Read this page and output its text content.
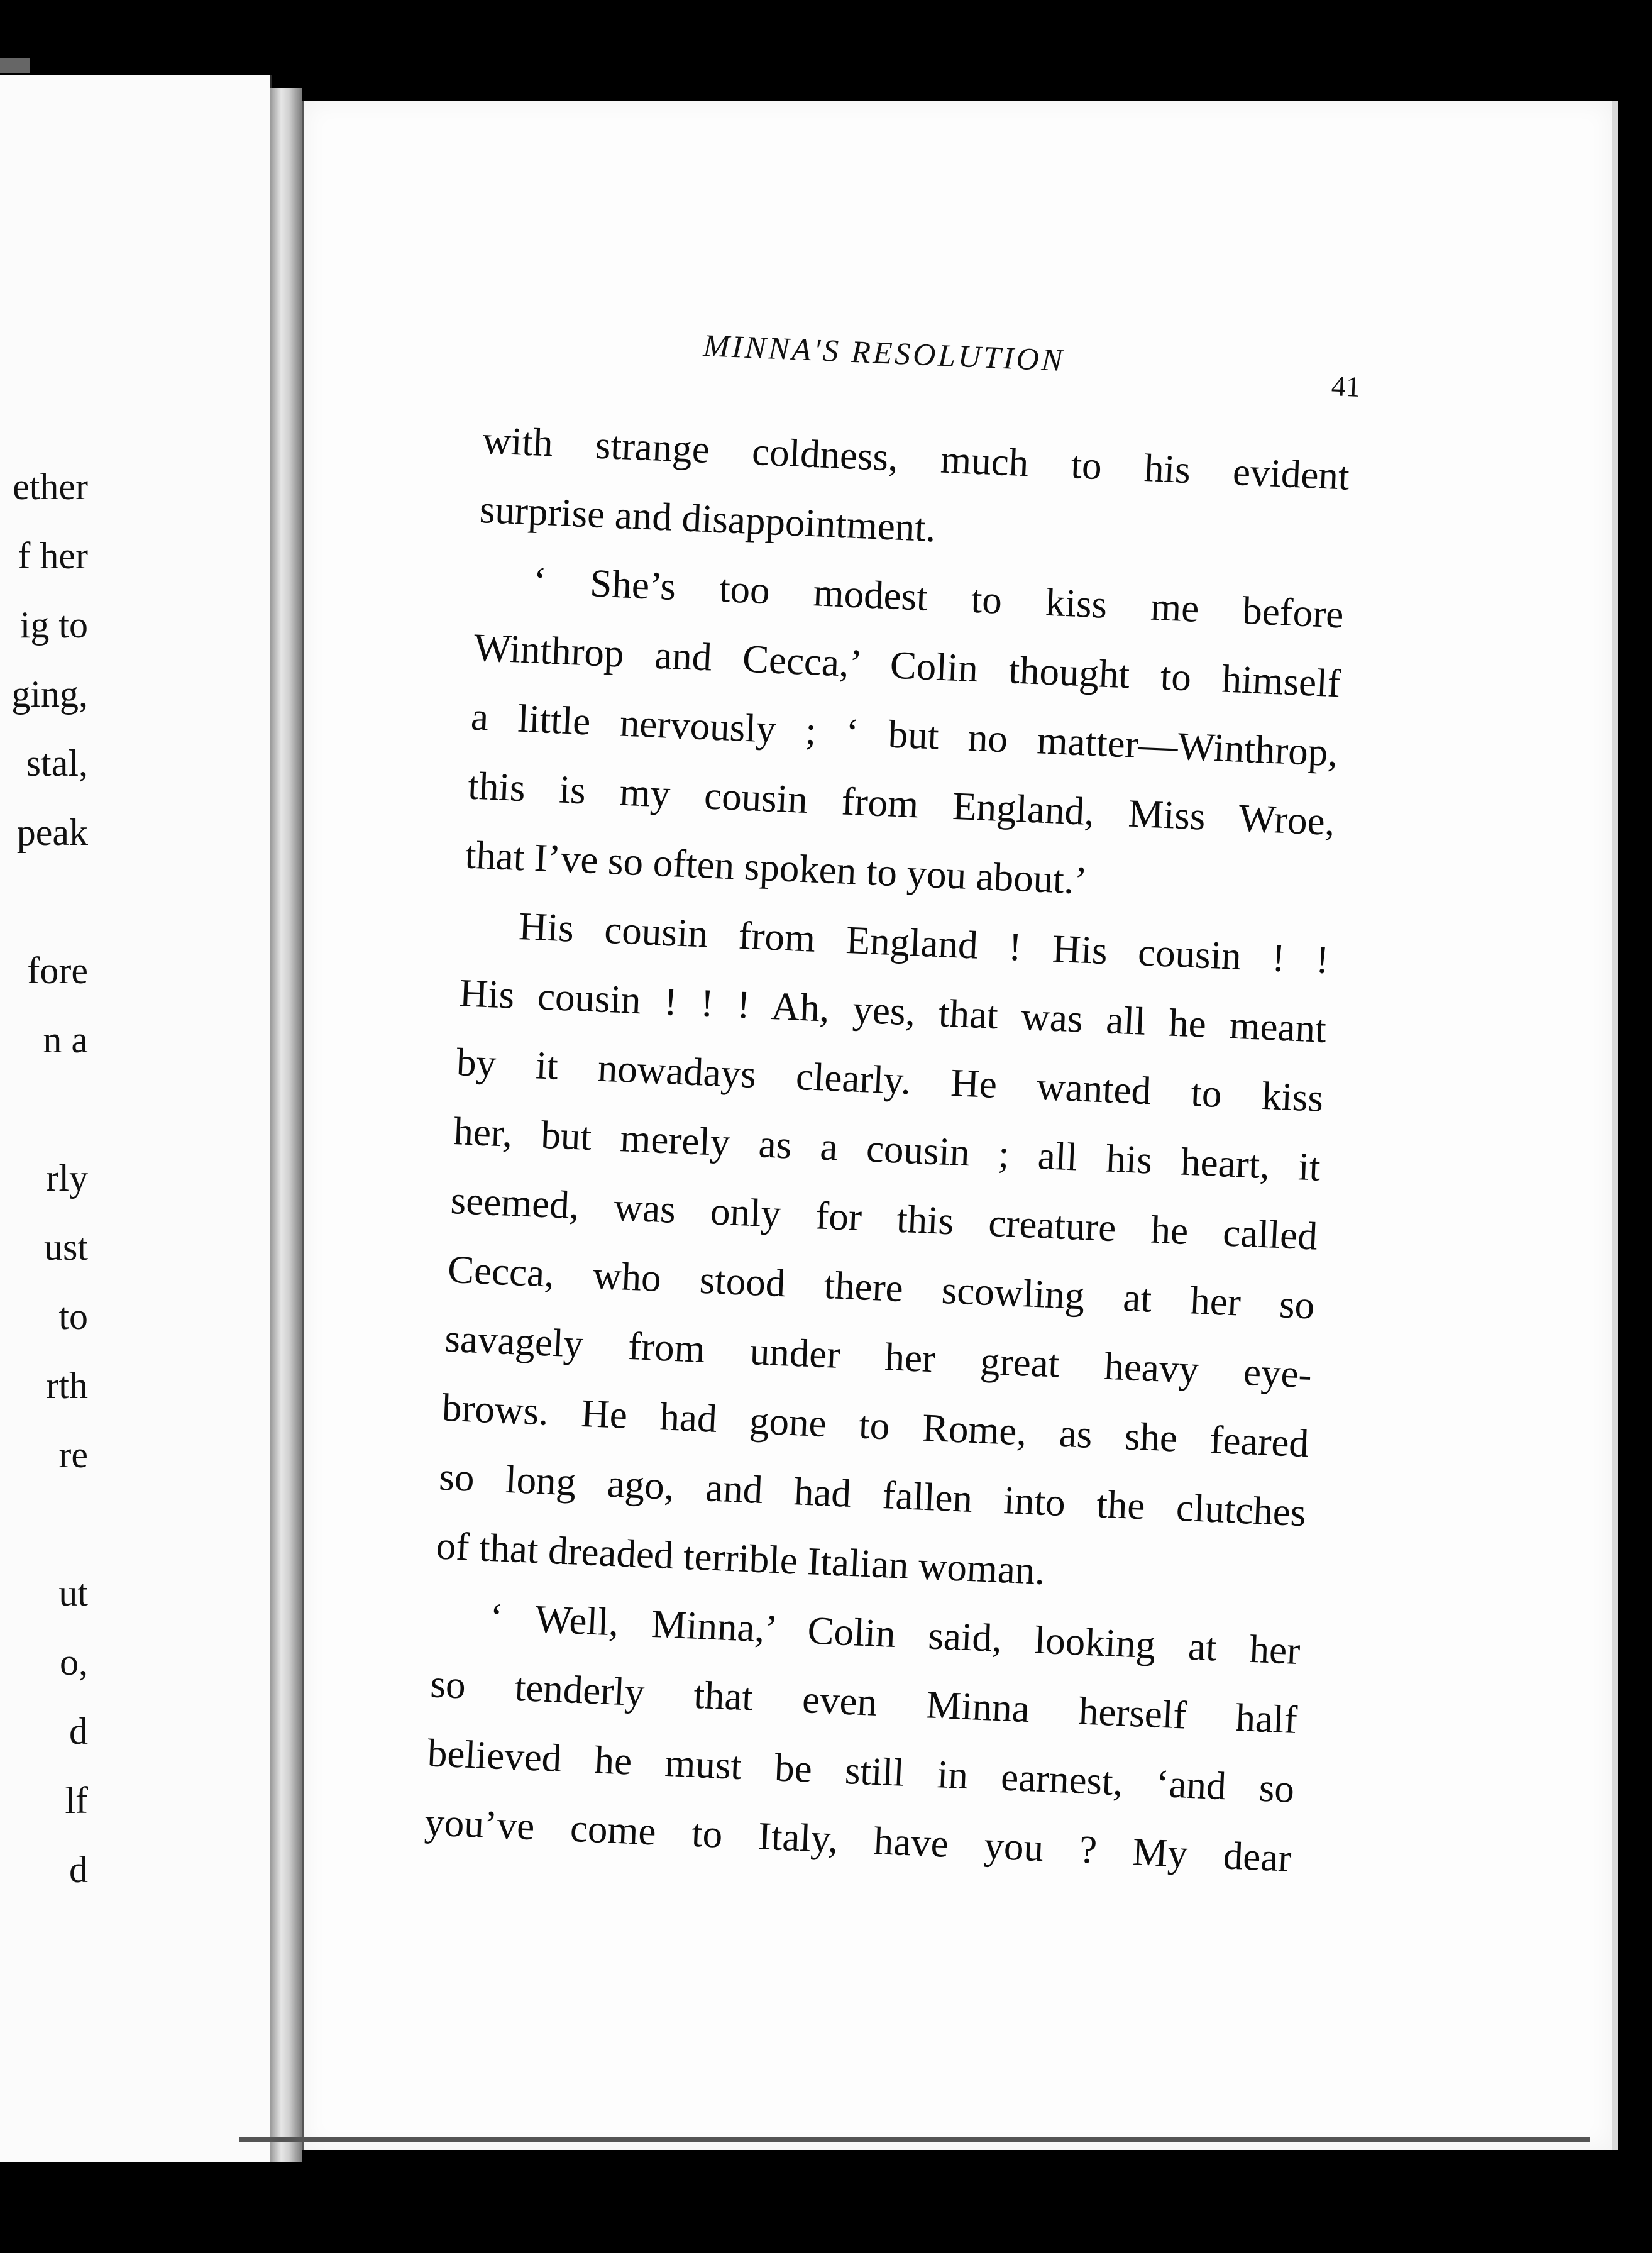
ether
f her
ig to
ging,
stal,
peak
fore
n a
rly
ust
to
rth
re
ut
o,
d
lf
d
MINNA'S RESOLUTION
41
with strange coldness, much to his evident
surprise and disappointment.
‘ She’s too modest to kiss me before
Winthrop and Cecca,’ Colin thought to himself
a little nervously ; ‘ but no matter—Winthrop,
this is my cousin from England, Miss Wroe,
that I’ve so often spoken to you about.’
His cousin from England ! His cousin ! !
His cousin ! ! ! Ah, yes, that was all he meant
by it nowadays clearly. He wanted to kiss
her, but merely as a cousin ; all his heart, it
seemed, was only for this creature he called
Cecca, who stood there scowling at her so
savagely from under her great heavy eye-
brows. He had gone to Rome, as she feared
so long ago, and had fallen into the clutches
of that dreaded terrible Italian woman.
‘ Well, Minna,’ Colin said, looking at her
so tenderly that even Minna herself half
believed he must be still in earnest, ‘and so
you’ve come to Italy, have you ? My dear
